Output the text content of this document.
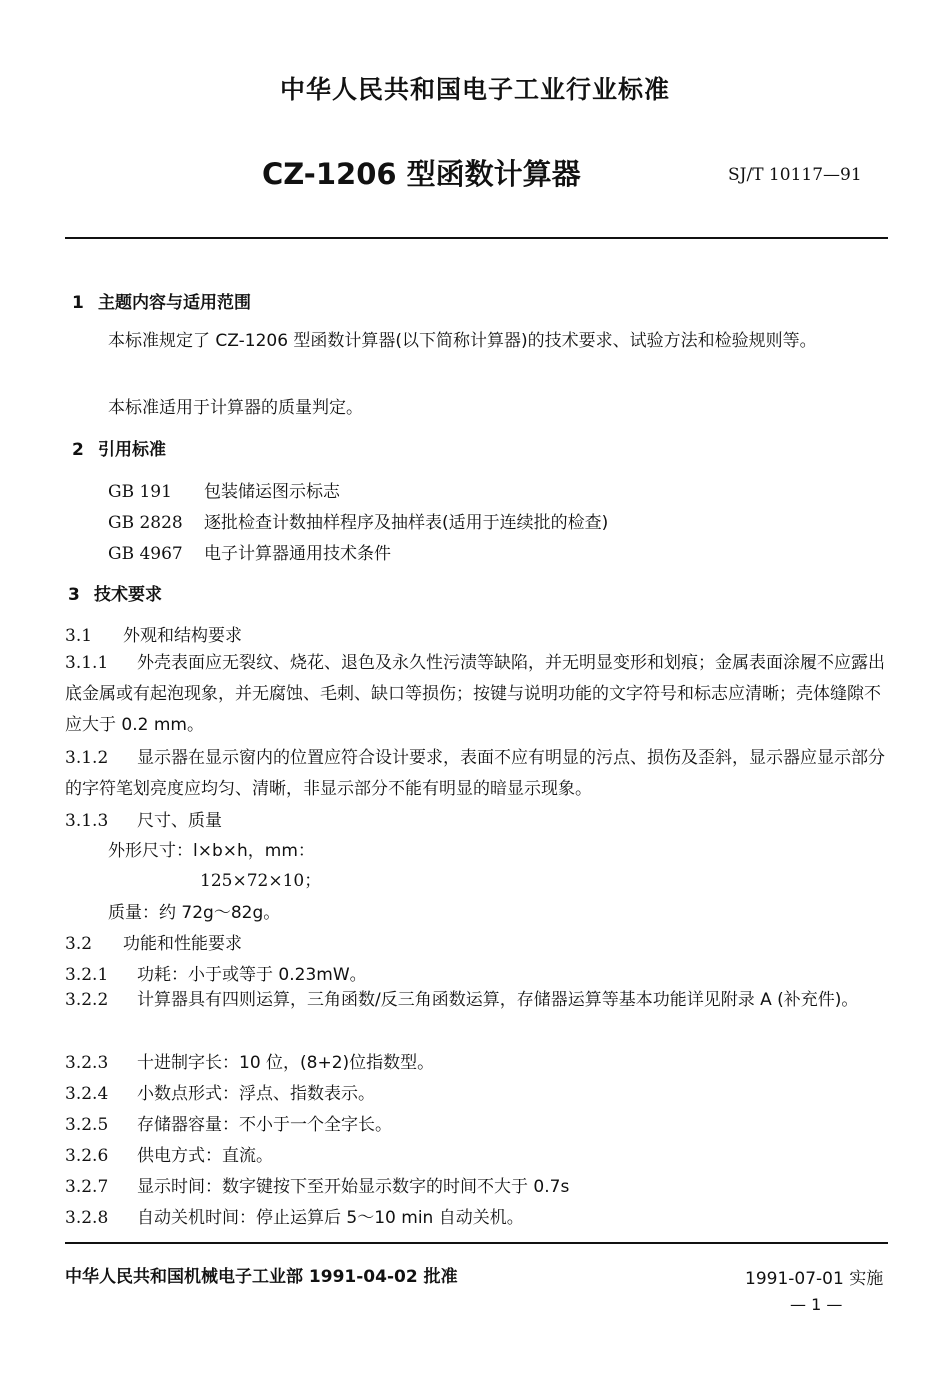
中华人民共和国电子工业行业标准
CZ-1206 型函数计算器	SJ/T 10117—91
1 主题内容与适用范围
本标准规定了 CZ-1206 型函数计算器(以下简称计算器)的技术要求、试验方法和检验规则等。
本标准适用于计算器的质量判定。
2 引用标准
GB 191 包装储运图示标志
GB 2828 逐批检查计数抽样程序及抽样表(适用于连续批的检查)
GB 4967 电子计算器通用技术条件
3 技术要求
3.1 外观和结构要求
3.1.1 外壳表面应无裂纹、烧花、退色及永久性污渍等缺陷，并无明显变形和划痕；金属表面涂履不应露出底金属或有起泡现象，并无腐蚀、毛刺、缺口等损伤；按键与说明功能的文字符号和标志应清晰；壳体缝隙不应大于 0.2 mm。
3.1.2 显示器在显示窗内的位置应符合设计要求，表面不应有明显的污点、损伤及歪斜，显示器应显示部分的字符笔划亮度应均匀、清晰，非显示部分不能有明显的暗显示现象。
3.1.3 尺寸、质量
外形尺寸：l×b×h，mm：
125×72×10；
质量：约 72g～82g。
3.2 功能和性能要求
3.2.1 功耗：小于或等于 0.23mW。
3.2.2 计算器具有四则运算，三角函数/反三角函数运算，存储器运算等基本功能详见附录 A (补充件)。
3.2.3 十进制字长：10 位，(8+2)位指数型。
3.2.4 小数点形式：浮点、指数表示。
3.2.5 存储器容量：不小于一个全字长。
3.2.6 供电方式：直流。
3.2.7 显示时间：数字键按下至开始显示数字的时间不大于 0.7s
3.2.8 自动关机时间：停止运算后 5～10 min 自动关机。
中华人民共和国机械电子工业部 1991-04-02 批准	1991-07-01 实施
— 1 —
